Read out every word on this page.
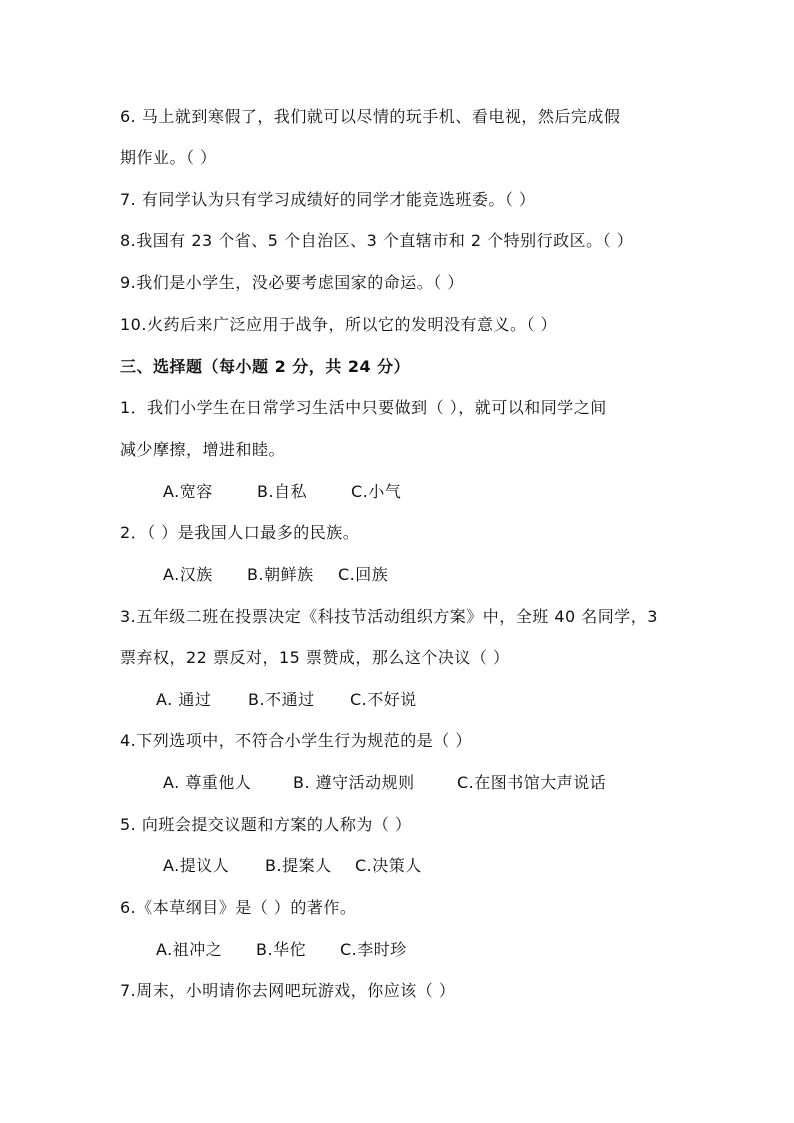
6. 马上就到寒假了，我们就可以尽情的玩手机、看电视，然后完成假
期作业。（ ）
7. 有同学认为只有学习成绩好的同学才能竞选班委。（ ）
8.我国有 23 个省、5 个自治区、3 个直辖市和 2 个特别行政区。（ ）
9.我们是小学生，没必要考虑国家的命运。（ ）
10.火药后来广泛应用于战争，所以它的发明没有意义。（ ）
三、选择题（每小题 2 分，共 24 分）
1．我们小学生在日常学习生活中只要做到（ ），就可以和同学之间
减少摩擦，增进和睦。
A.宽容	B.自私	C.小气
2．（ ）是我国人口最多的民族。
A.汉族 B.朝鲜族 C.回族
3.五年级二班在投票决定《科技节活动组织方案》中，全班 40 名同学，3
票弃权，22 票反对，15 票赞成，那么这个决议（ ）
A. 通过 B.不通过 C.不好说
4.下列选项中，不符合小学生行为规范的是（ ）
A. 尊重他人	B. 遵守活动规则	C.在图书馆大声说话
5. 向班会提交议题和方案的人称为（ ）
A.提议人 B.提案人 C.决策人
6.《本草纲目》是（ ）的著作。
A.祖冲之 B.华佗 C.李时珍
7.周末，小明请你去网吧玩游戏，你应该（ ）
